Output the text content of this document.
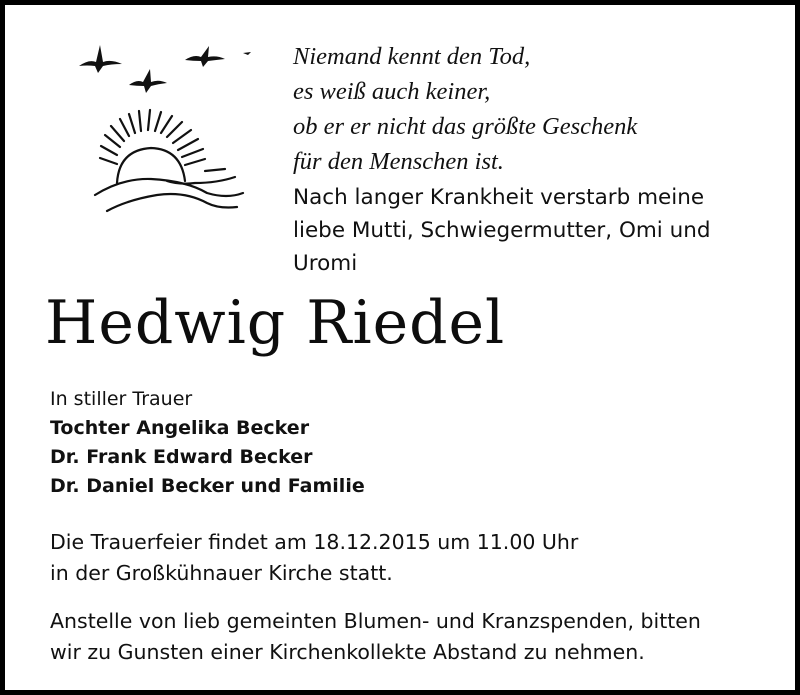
Niemand kennt den Tod,
es weiß auch keiner,
ob er er nicht das größte Geschenk
für den Menschen ist.
Nach langer Krankheit verstarb meine
liebe Mutti, Schwiegermutter, Omi und
Uromi
Hedwig Riedel
In stiller Trauer
Tochter Angelika Becker
Dr. Frank Edward Becker
Dr. Daniel Becker und Familie
Die Trauerfeier findet am 18.12.2015 um 11.00 Uhr
in der Großkühnauer Kirche statt.
Anstelle von lieb gemeinten Blumen- und Kranzspenden, bitten
wir zu Gunsten einer Kirchenkollekte Abstand zu nehmen.
